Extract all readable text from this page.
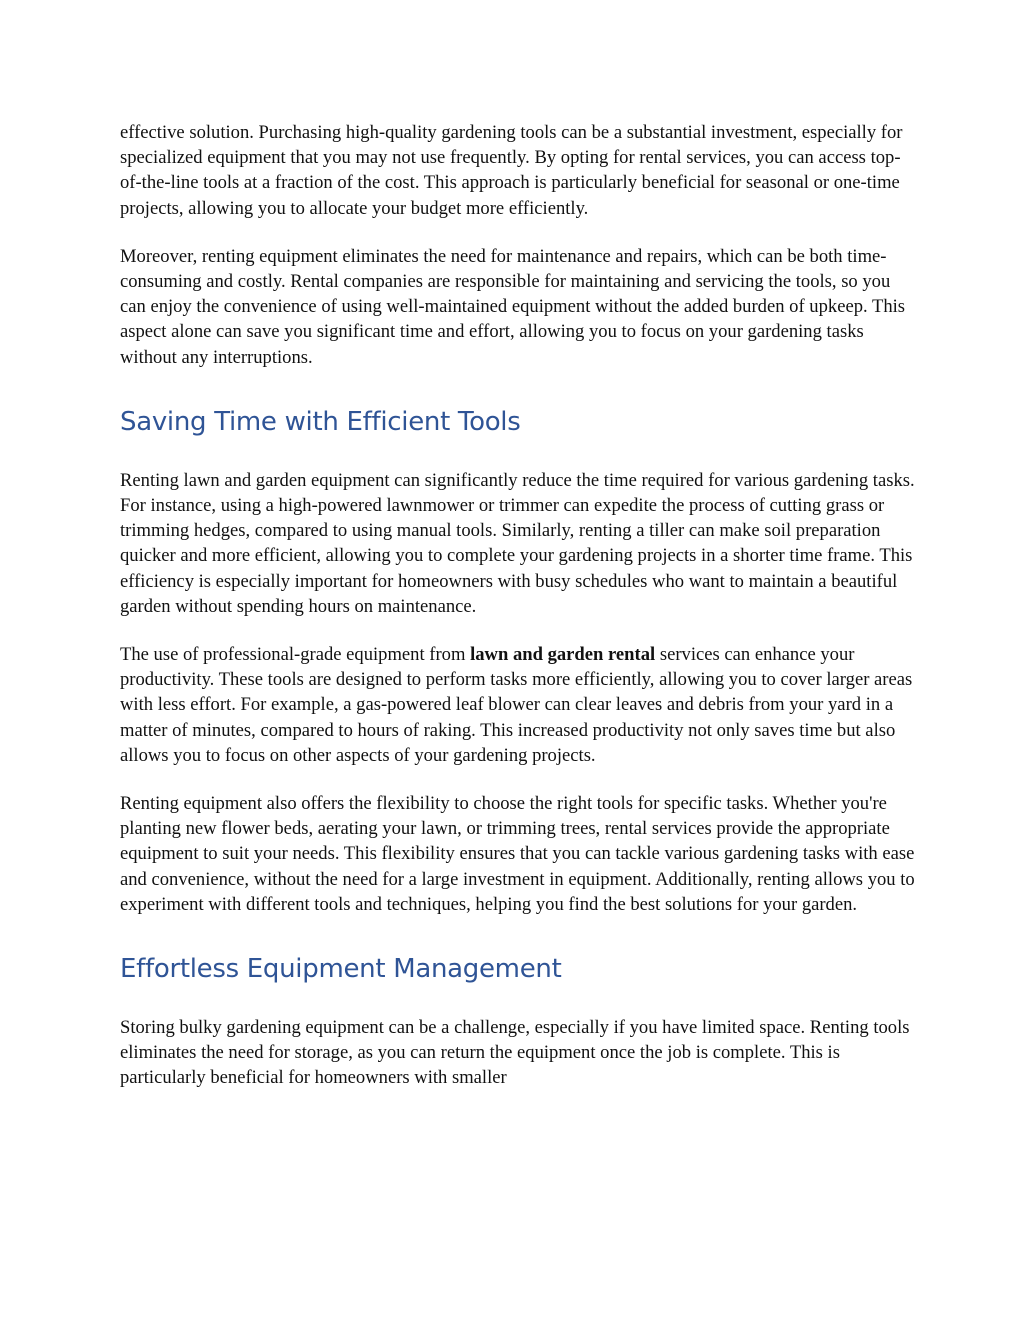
effective solution. Purchasing high-quality gardening tools can be a substantial investment, especially for specialized equipment that you may not use frequently. By opting for rental services, you can access top-of-the-line tools at a fraction of the cost. This approach is particularly beneficial for seasonal or one-time projects, allowing you to allocate your budget more efficiently.

Moreover, renting equipment eliminates the need for maintenance and repairs, which can be both time-consuming and costly. Rental companies are responsible for maintaining and servicing the tools, so you can enjoy the convenience of using well-maintained equipment without the added burden of upkeep. This aspect alone can save you significant time and effort, allowing you to focus on your gardening tasks without any interruptions.

Saving Time with Efficient Tools

Renting lawn and garden equipment can significantly reduce the time required for various gardening tasks. For instance, using a high-powered lawnmower or trimmer can expedite the process of cutting grass or trimming hedges, compared to using manual tools. Similarly, renting a tiller can make soil preparation quicker and more efficient, allowing you to complete your gardening projects in a shorter time frame. This efficiency is especially important for homeowners with busy schedules who want to maintain a beautiful garden without spending hours on maintenance.

The use of professional-grade equipment from lawn and garden rental services can enhance your productivity. These tools are designed to perform tasks more efficiently, allowing you to cover larger areas with less effort. For example, a gas-powered leaf blower can clear leaves and debris from your yard in a matter of minutes, compared to hours of raking. This increased productivity not only saves time but also allows you to focus on other aspects of your gardening projects.

Renting equipment also offers the flexibility to choose the right tools for specific tasks. Whether you're planting new flower beds, aerating your lawn, or trimming trees, rental services provide the appropriate equipment to suit your needs. This flexibility ensures that you can tackle various gardening tasks with ease and convenience, without the need for a large investment in equipment. Additionally, renting allows you to experiment with different tools and techniques, helping you find the best solutions for your garden.

Effortless Equipment Management

Storing bulky gardening equipment can be a challenge, especially if you have limited space. Renting tools eliminates the need for storage, as you can return the equipment once the job is complete. This is particularly beneficial for homeowners with smaller
